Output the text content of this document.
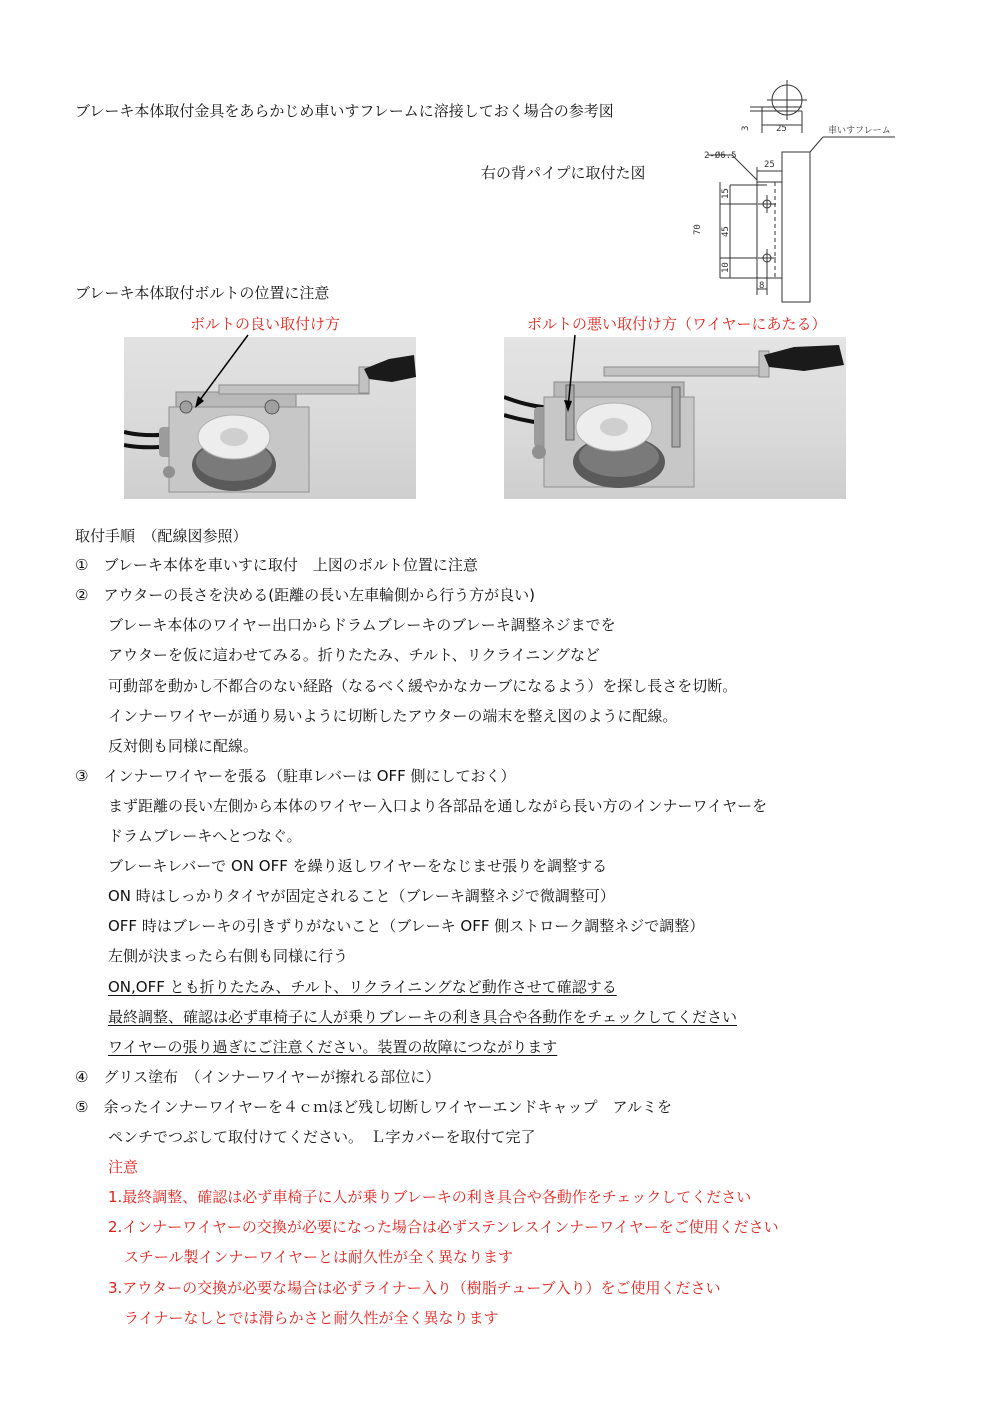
ブレーキ本体取付金具をあらかじめ車いすフレームに溶接しておく場合の参考図
右の背パイプに取付た図
3	25	車いすフレーム
2-Ø6.5
25
15
45
10
70
8
ブレーキ本体取付ボルトの位置に注意
ボルトの良い取付け方	ボルトの悪い取付け方（ワイヤーにあたる）
取付手順　（配線図参照）
①　ブレーキ本体を車いすに取付　上図のボルト位置に注意
②　アウターの長さを決める(距離の長い左車輪側から行う方が良い)
ブレーキ本体のワイヤー出口からドラムブレーキのブレーキ調整ネジまでを
アウターを仮に這わせてみる。折りたたみ、チルト、リクライニングなど
可動部を動かし不都合のない経路（なるべく緩やかなカーブになるよう）を探し長さを切断。
インナーワイヤーが通り易いように切断したアウターの端末を整え図のように配線。
反対側も同様に配線。
③　インナーワイヤーを張る（駐車レバーは OFF 側にしておく）
まず距離の長い左側から本体のワイヤー入口より各部品を通しながら長い方のインナーワイヤーを
ドラムブレーキへとつなぐ。
ブレーキレバーで ON OFF を繰り返しワイヤーをなじませ張りを調整する
ON 時はしっかりタイヤが固定されること（ブレーキ調整ネジで微調整可）
OFF 時はブレーキの引きずりがないこと（ブレーキ OFF 側ストローク調整ネジで調整）
左側が決まったら右側も同様に行う
ON,OFF とも折りたたみ、チルト、リクライニングなど動作させて確認する
最終調整、確認は必ず車椅子に人が乗りブレーキの利き具合や各動作をチェックしてください
ワイヤーの張り過ぎにご注意ください。装置の故障につながります
④　グリス塗布　（インナーワイヤーが擦れる部位に）
⑤　余ったインナーワイヤーを４ｃｍほど残し切断しワイヤーエンドキャップ　アルミを
ペンチでつぶして取付けてください。　Ｌ字カバーを取付て完了
注意
1.最終調整、確認は必ず車椅子に人が乗りブレーキの利き具合や各動作をチェックしてください
2.インナーワイヤーの交換が必要になった場合は必ずステンレスインナーワイヤーをご使用ください
スチール製インナーワイヤーとは耐久性が全く異なります
3.アウターの交換が必要な場合は必ずライナー入り（樹脂チューブ入り）をご使用ください
ライナーなしとでは滑らかさと耐久性が全く異なります
